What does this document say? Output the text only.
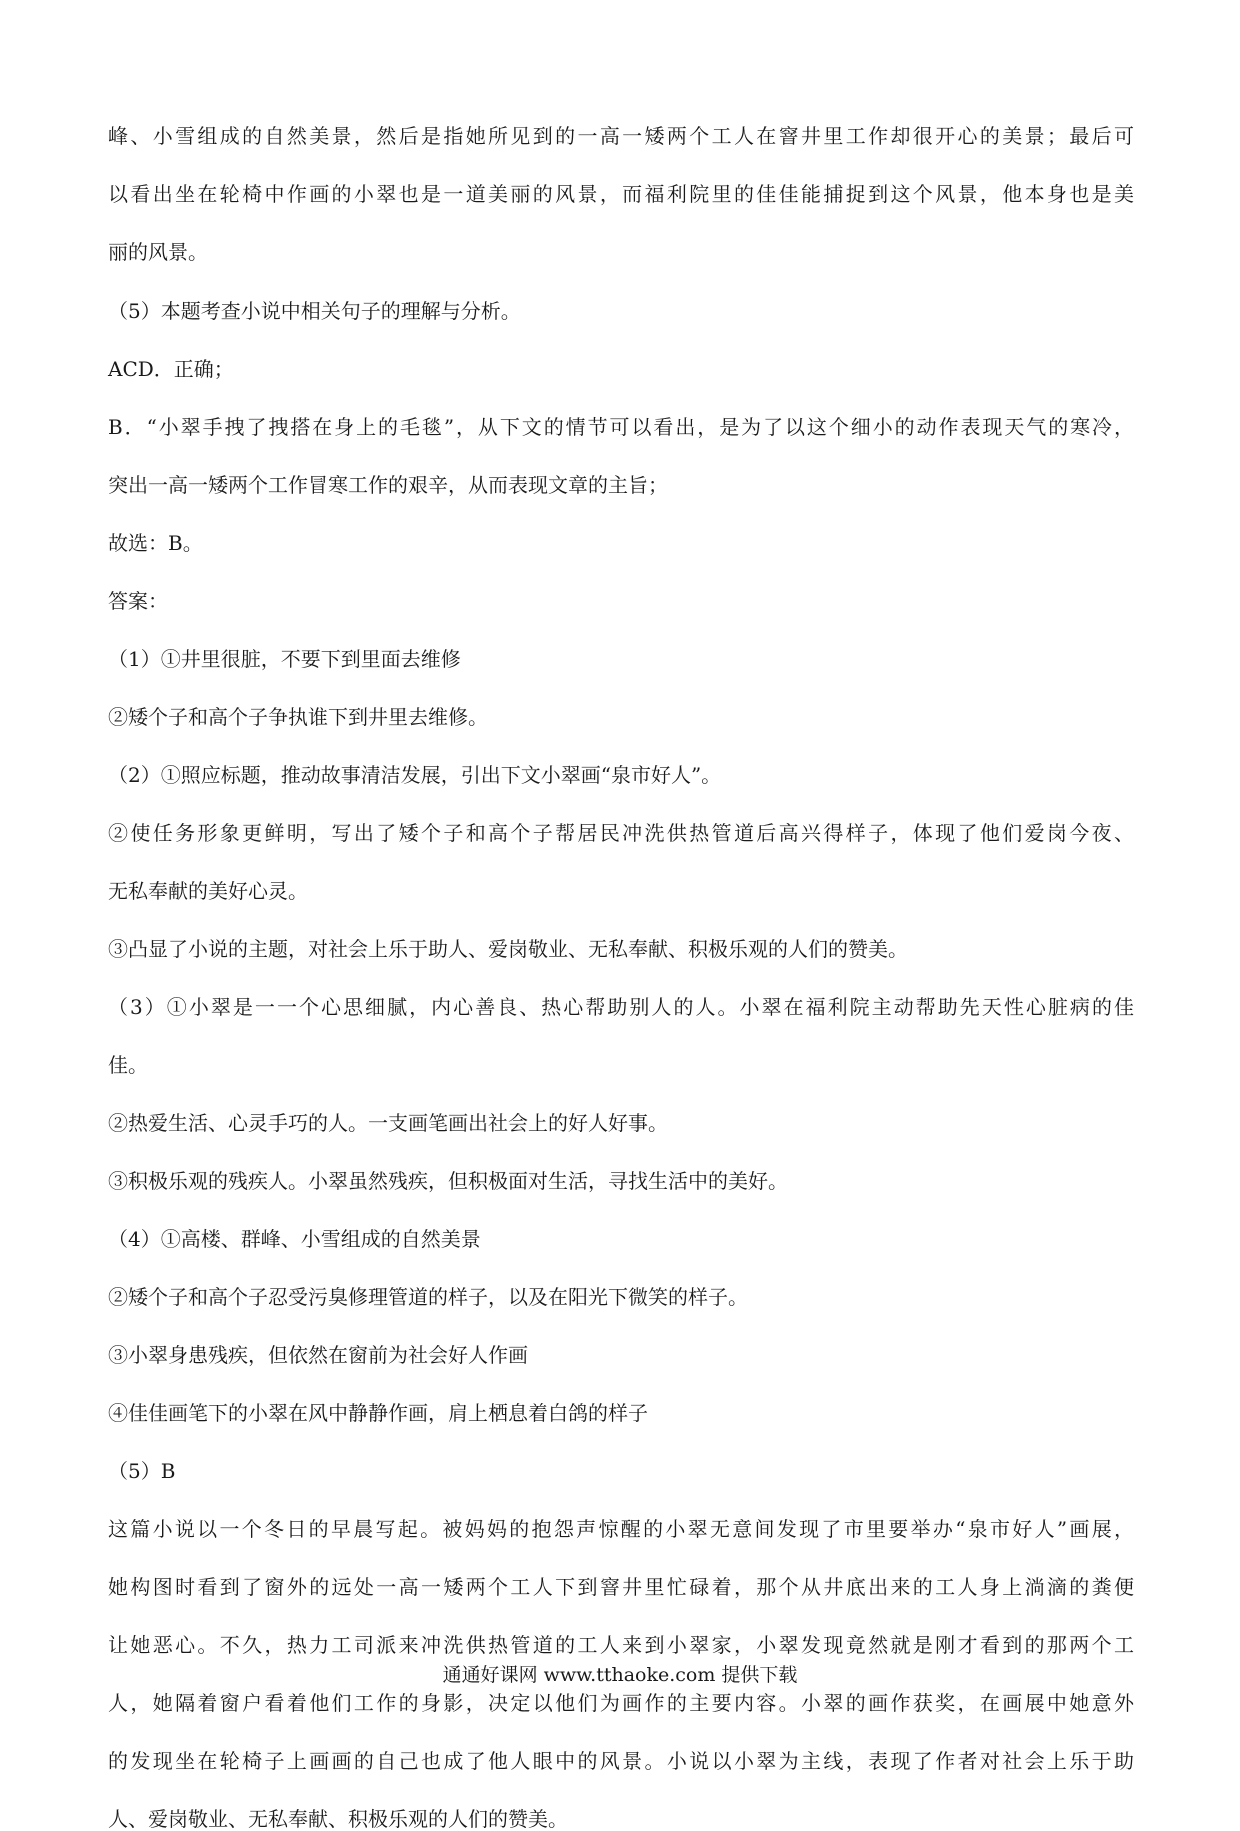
峰、小雪组成的自然美景，然后是指她所见到的一高一矮两个工人在窨井里工作却很开心的美景；最后可
以看出坐在轮椅中作画的小翠也是一道美丽的风景，而福利院里的佳佳能捕捉到这个风景，他本身也是美
丽的风景。
（5）本题考查小说中相关句子的理解与分析。
ACD．正确；
B．“小翠手拽了拽搭在身上的毛毯”，从下文的情节可以看出，是为了以这个细小的动作表现天气的寒冷，
突出一高一矮两个工作冒寒工作的艰辛，从而表现文章的主旨；
故选：B。
答案：
（1）①井里很脏，不要下到里面去维修
②矮个子和高个子争执谁下到井里去维修。
（2）①照应标题，推动故事清洁发展，引出下文小翠画“泉市好人”。
②使任务形象更鲜明，写出了矮个子和高个子帮居民冲洗供热管道后高兴得样子，体现了他们爱岗今夜、
无私奉献的美好心灵。
③凸显了小说的主题，对社会上乐于助人、爱岗敬业、无私奉献、积极乐观的人们的赞美。
（3）①小翠是一一个心思细腻，内心善良、热心帮助别人的人。小翠在福利院主动帮助先天性心脏病的佳
佳。
②热爱生活、心灵手巧的人。一支画笔画出社会上的好人好事。
③积极乐观的残疾人。小翠虽然残疾，但积极面对生活，寻找生活中的美好。
（4）①高楼、群峰、小雪组成的自然美景
②矮个子和高个子忍受污臭修理管道的样子，以及在阳光下微笑的样子。
③小翠身患残疾，但依然在窗前为社会好人作画
④佳佳画笔下的小翠在风中静静作画，肩上栖息着白鸽的样子
（5）B
这篇小说以一个冬日的早晨写起。被妈妈的抱怨声惊醒的小翠无意间发现了市里要举办“泉市好人”画展，
她构图时看到了窗外的远处一高一矮两个工人下到窨井里忙碌着，那个从井底出来的工人身上淌滴的粪便
让她恶心。不久，热力工司派来冲洗供热管道的工人来到小翠家，小翠发现竟然就是刚才看到的那两个工
人，她隔着窗户看着他们工作的身影，决定以他们为画作的主要内容。小翠的画作获奖，在画展中她意外
的发现坐在轮椅子上画画的自己也成了他人眼中的风景。小说以小翠为主线，表现了作者对社会上乐于助
人、爱岗敬业、无私奉献、积极乐观的人们的赞美。
通通好课网 www.tthaoke.com 提供下载
